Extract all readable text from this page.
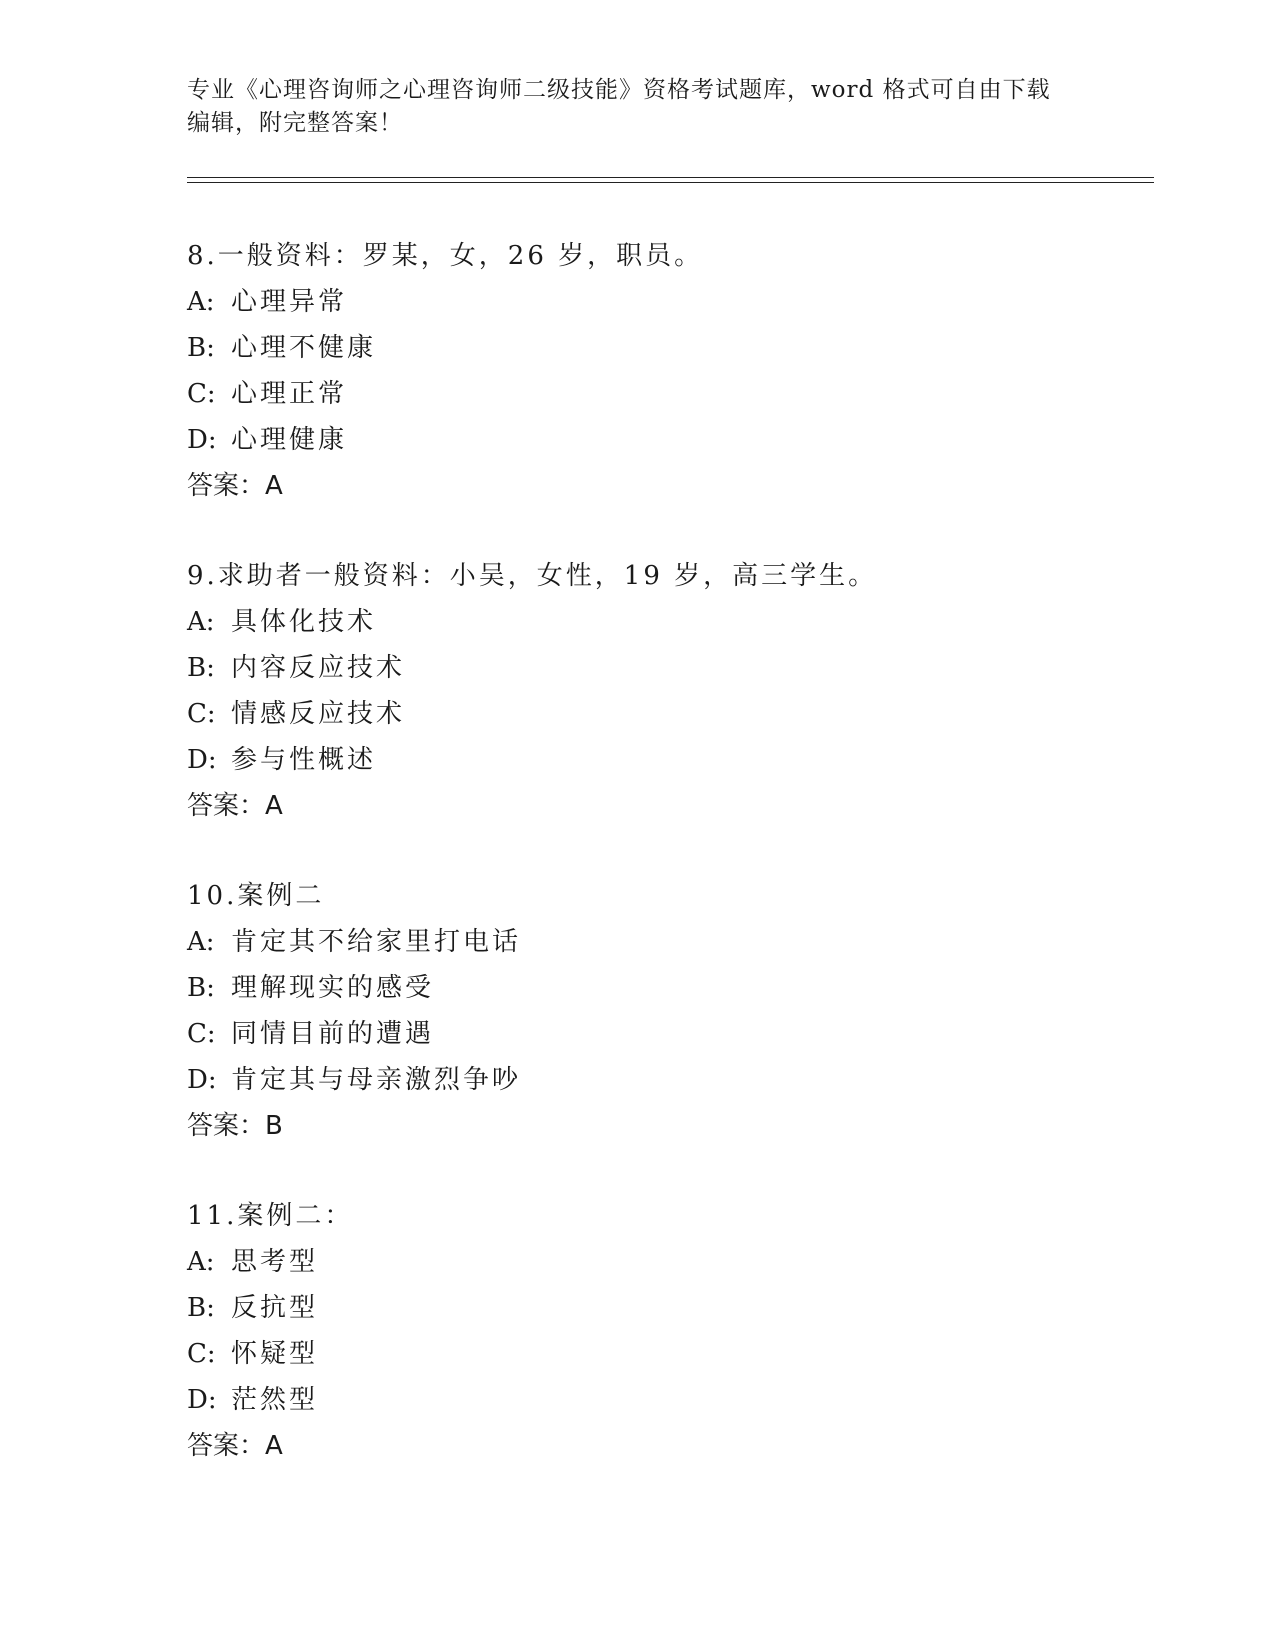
专业《心理咨询师之心理咨询师二级技能》资格考试题库，word 格式可自由下载
编辑，附完整答案！
8.一般资料：罗某，女，26 岁，职员。
A: 心理异常
B: 心理不健康
C: 心理正常
D: 心理健康
答案：A
9.求助者一般资料：小吴，女性，19 岁，高三学生。
A: 具体化技术
B: 内容反应技术
C: 情感反应技术
D: 参与性概述
答案：A
10.案例二
A: 肯定其不给家里打电话
B: 理解现实的感受
C: 同情目前的遭遇
D: 肯定其与母亲激烈争吵
答案：B
11.案例二：
A: 思考型
B: 反抗型
C: 怀疑型
D: 茫然型
答案：A
